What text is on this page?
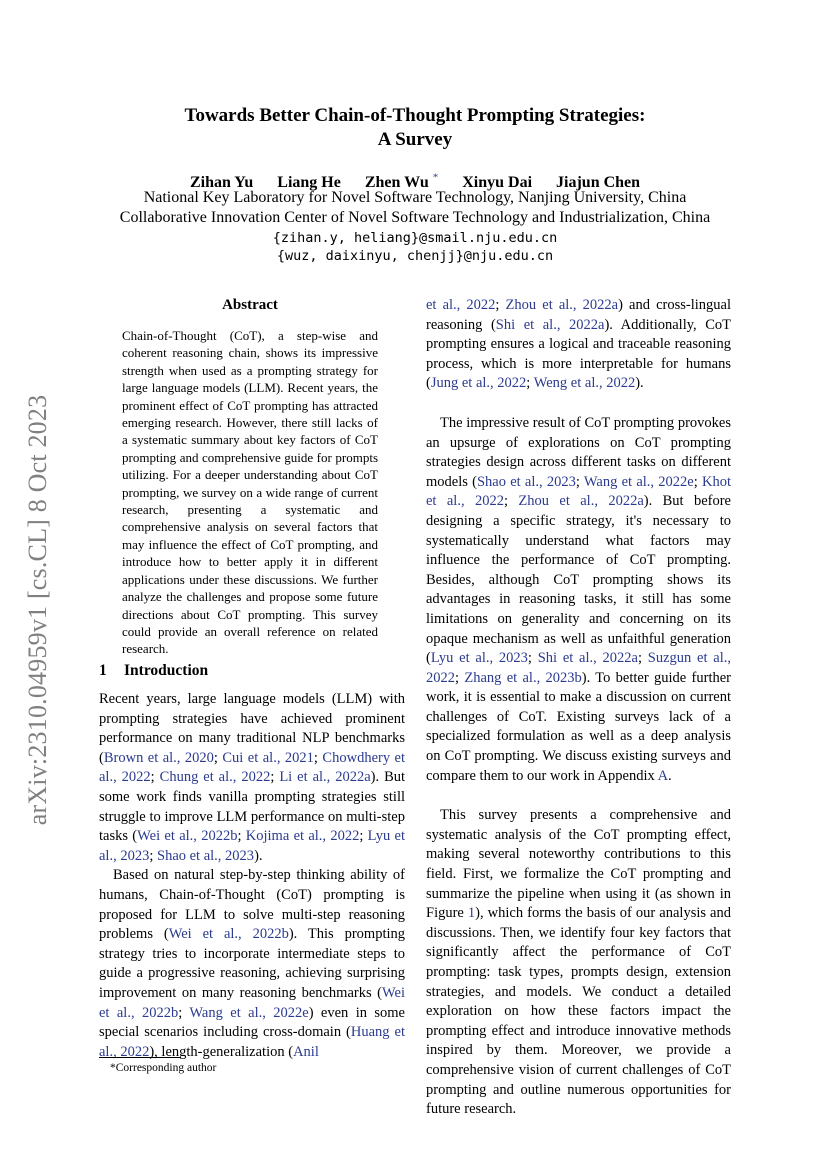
arXiv:2310.04959v1 [cs.CL] 8 Oct 2023
Towards Better Chain-of-Thought Prompting Strategies:
A Survey
Zihan Yu Liang He Zhen Wu * Xinyu Dai Jiajun Chen
National Key Laboratory for Novel Software Technology, Nanjing University, China
Collaborative Innovation Center of Novel Software Technology and Industrialization, China
{zihan.y, heliang}@smail.nju.edu.cn
{wuz, daixinyu, chenjj}@nju.edu.cn
Abstract

Chain-of-Thought (CoT), a step-wise and coherent reasoning chain, shows its impressive strength when used as a prompting strategy for large language models (LLM). Recent years, the prominent effect of CoT prompting has attracted emerging research. However, there still lacks of a systematic summary about key factors of CoT prompting and comprehensive guide for prompts utilizing. For a deeper understanding about CoT prompting, we survey on a wide range of current research, presenting a systematic and comprehensive analysis on several factors that may influence the effect of CoT prompting, and introduce how to better apply it in different applications under these discussions. We further analyze the challenges and propose some future directions about CoT prompting. This survey could provide an overall reference on related research.

1 Introduction

Recent years, large language models (LLM) with prompting strategies have achieved prominent performance on many traditional NLP benchmarks (Brown et al., 2020; Cui et al., 2021; Chowdhery et al., 2022; Chung et al., 2022; Li et al., 2022a). But some work finds vanilla prompting strategies still struggle to improve LLM performance on multi-step tasks (Wei et al., 2022b; Kojima et al., 2022; Lyu et al., 2023; Shao et al., 2023).

Based on natural step-by-step thinking ability of humans, Chain-of-Thought (CoT) prompting is proposed for LLM to solve multi-step reasoning problems (Wei et al., 2022b). This prompting strategy tries to incorporate intermediate steps to guide a progressive reasoning, achieving surprising improvement on many reasoning benchmarks (Wei et al., 2022b; Wang et al., 2022e) even in some special scenarios including cross-domain (Huang et al., 2022), length-generalization (Anil

et al., 2022; Zhou et al., 2022a) and cross-lingual reasoning (Shi et al., 2022a). Additionally, CoT prompting ensures a logical and traceable reasoning process, which is more interpretable for humans (Jung et al., 2022; Weng et al., 2022).

The impressive result of CoT prompting provokes an upsurge of explorations on CoT prompting strategies design across different tasks on different models (Shao et al., 2023; Wang et al., 2022e; Khot et al., 2022; Zhou et al., 2022a). But before designing a specific strategy, it's necessary to systematically understand what factors may influence the performance of CoT prompting. Besides, although CoT prompting shows its advantages in reasoning tasks, it still has some limitations on generality and concerning on its opaque mechanism as well as unfaithful generation (Lyu et al., 2023; Shi et al., 2022a; Suzgun et al., 2022; Zhang et al., 2023b). To better guide further work, it is essential to make a discussion on current challenges of CoT. Existing surveys lack of a specialized formulation as well as a deep analysis on CoT prompting. We discuss existing surveys and compare them to our work in Appendix A.

This survey presents a comprehensive and systematic analysis of the CoT prompting effect, making several noteworthy contributions to this field. First, we formalize the CoT prompting and summarize the pipeline when using it (as shown in Figure 1), which forms the basis of our analysis and discussions. Then, we identify four key factors that significantly affect the performance of CoT prompting: task types, prompts design, extension strategies, and models. We conduct a detailed exploration on how these factors impact the prompting effect and introduce innovative methods inspired by them. Moreover, we provide a comprehensive vision of current challenges of CoT prompting and outline numerous opportunities for future research.

*Corresponding author
